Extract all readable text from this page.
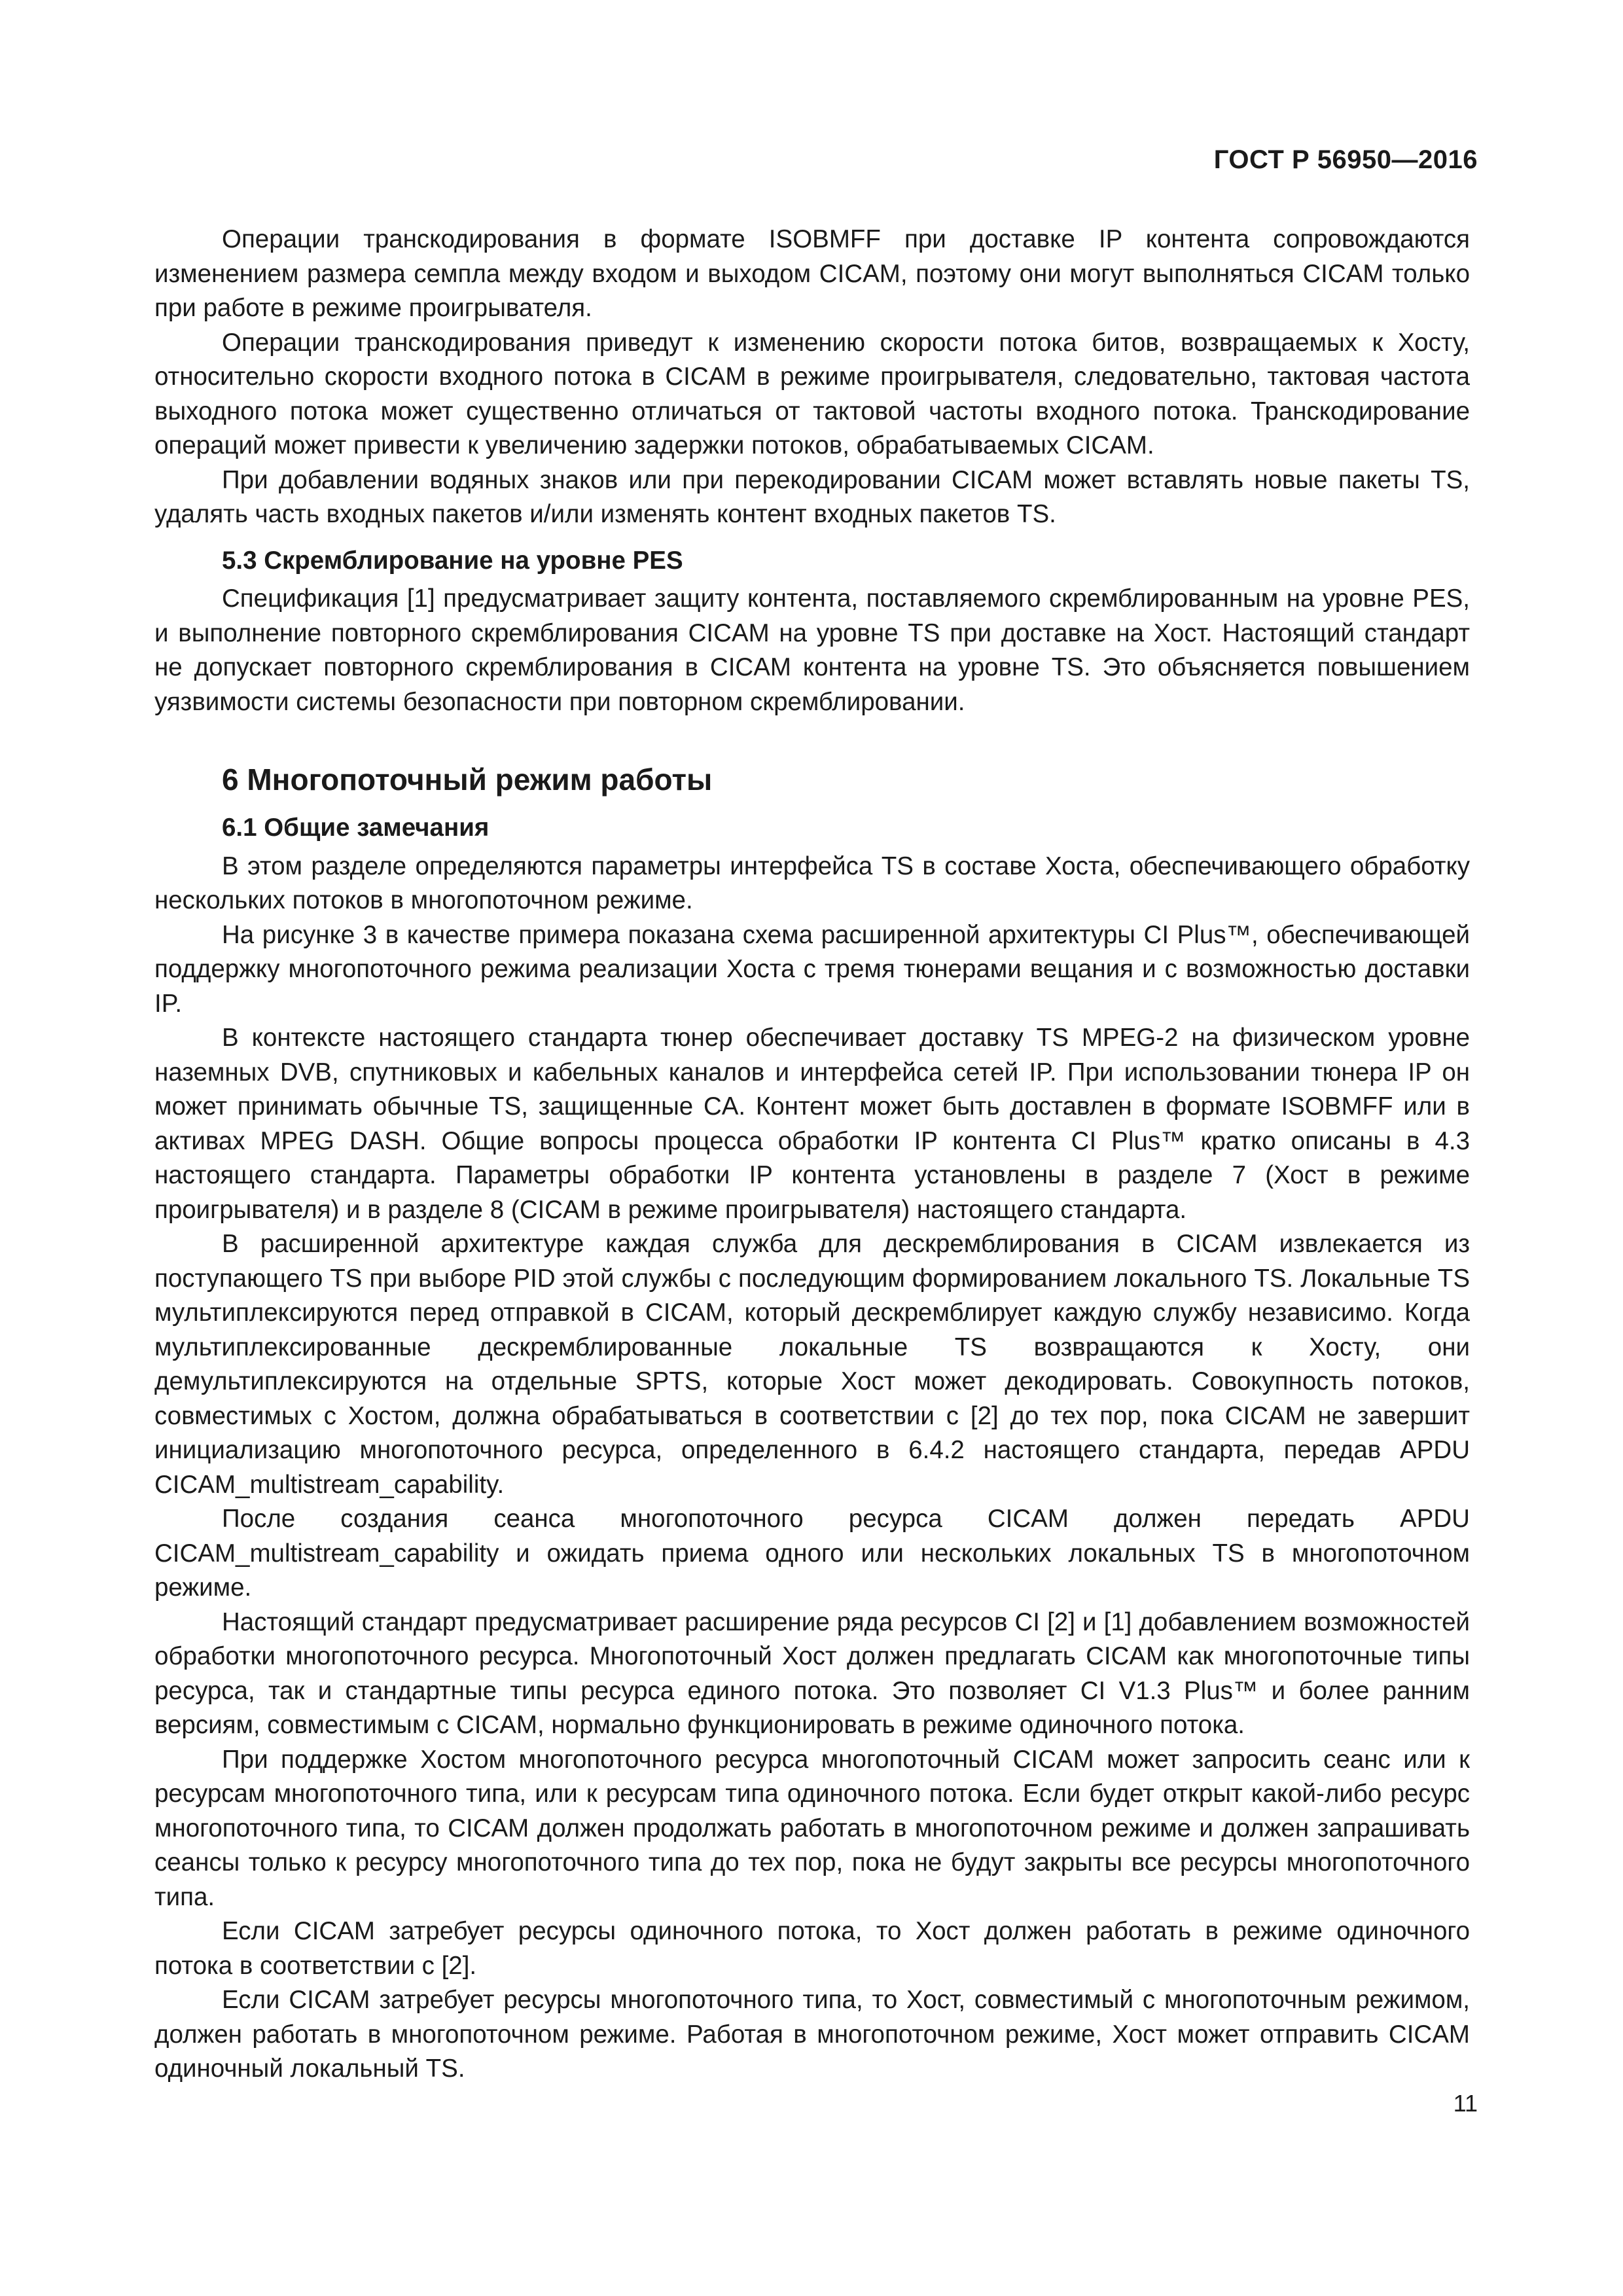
ГОСТ Р 56950—2016

Операции транскодирования в формате ISOBMFF при доставке IP контента сопровождаются изменением размера семпла между входом и выходом CICAM, поэтому они могут выполняться CICAM только при работе в режиме проигрывателя.

Операции транскодирования приведут к изменению скорости потока битов, возвращаемых к Хосту, относительно скорости входного потока в CICAM в режиме проигрывателя, следовательно, тактовая частота выходного потока может существенно отличаться от тактовой частоты входного потока. Транскодирование операций может привести к увеличению задержки потоков, обрабатываемых CICAM.

При добавлении водяных знаков или при перекодировании CICAM может вставлять новые пакеты TS, удалять часть входных пакетов и/или изменять контент входных пакетов TS.

5.3 Скремблирование на уровне PES

Спецификация [1] предусматривает защиту контента, поставляемого скремблированным на уровне PES, и выполнение повторного скремблирования CICAM на уровне TS при доставке на Хост. Настоящий стандарт не допускает повторного скремблирования в CICAM контента на уровне TS. Это объясняется повышением уязвимости системы безопасности при повторном скремблировании.

6 Многопоточный режим работы
6.1 Общие замечания

В этом разделе определяются параметры интерфейса TS в составе Хоста, обеспечивающего обработку нескольких потоков в многопоточном режиме.

На рисунке 3 в качестве примера показана схема расширенной архитектуры CI Plus™, обеспечивающей поддержку многопоточного режима реализации Хоста с тремя тюнерами вещания и с возможностью доставки IP.

В контексте настоящего стандарта тюнер обеспечивает доставку TS MPEG-2 на физическом уровне наземных DVB, спутниковых и кабельных каналов и интерфейса сетей IP. При использовании тюнера IP он может принимать обычные TS, защищенные CA. Контент может быть доставлен в формате ISOBMFF или в активах MPEG DASH. Общие вопросы процесса обработки IP контента CI Plus™ кратко описаны в 4.3 настоящего стандарта. Параметры обработки IP контента установлены в разделе 7 (Хост в режиме проигрывателя) и в разделе 8 (CICAM в режиме проигрывателя) настоящего стандарта.

В расширенной архитектуре каждая служба для дескремблирования в CICAM извлекается из поступающего TS при выборе PID этой службы с последующим формированием локального TS. Локальные TS мультиплексируются перед отправкой в CICAM, который дескремблирует каждую службу независимо. Когда мультиплексированные дескремблированные локальные TS возвращаются к Хосту, они демультиплексируются на отдельные SPTS, которые Хост может декодировать. Совокупность потоков, совместимых с Хостом, должна обрабатываться в соответствии с [2] до тех пор, пока CICAM не завершит инициализацию многопоточного ресурса, определенного в 6.4.2 настоящего стандарта, передав APDU CICAM_multistream_capability.

После создания сеанса многопоточного ресурса CICAM должен передать APDU CICAM_multistream_capability и ожидать приема одного или нескольких локальных TS в многопоточном режиме.

Настоящий стандарт предусматривает расширение ряда ресурсов CI [2] и [1] добавлением возможностей обработки многопоточного ресурса. Многопоточный Хост должен предлагать CICAM как многопоточные типы ресурса, так и стандартные типы ресурса единого потока. Это позволяет CI V1.3 Plus™ и более ранним версиям, совместимым с CICAM, нормально функционировать в режиме одиночного потока.

При поддержке Хостом многопоточного ресурса многопоточный CICAM может запросить сеанс или к ресурсам многопоточного типа, или к ресурсам типа одиночного потока. Если будет открыт какой-либо ресурс многопоточного типа, то CICAM должен продолжать работать в многопоточном режиме и должен запрашивать сеансы только к ресурсу многопоточного типа до тех пор, пока не будут закрыты все ресурсы многопоточного типа.

Если CICAM затребует ресурсы одиночного потока, то Хост должен работать в режиме одиночного потока в соответствии с [2].

Если CICAM затребует ресурсы многопоточного типа, то Хост, совместимый с многопоточным режимом, должен работать в многопоточном режиме. Работая в многопоточном режиме, Хост может отправить CICAM одиночный локальный TS.

11
